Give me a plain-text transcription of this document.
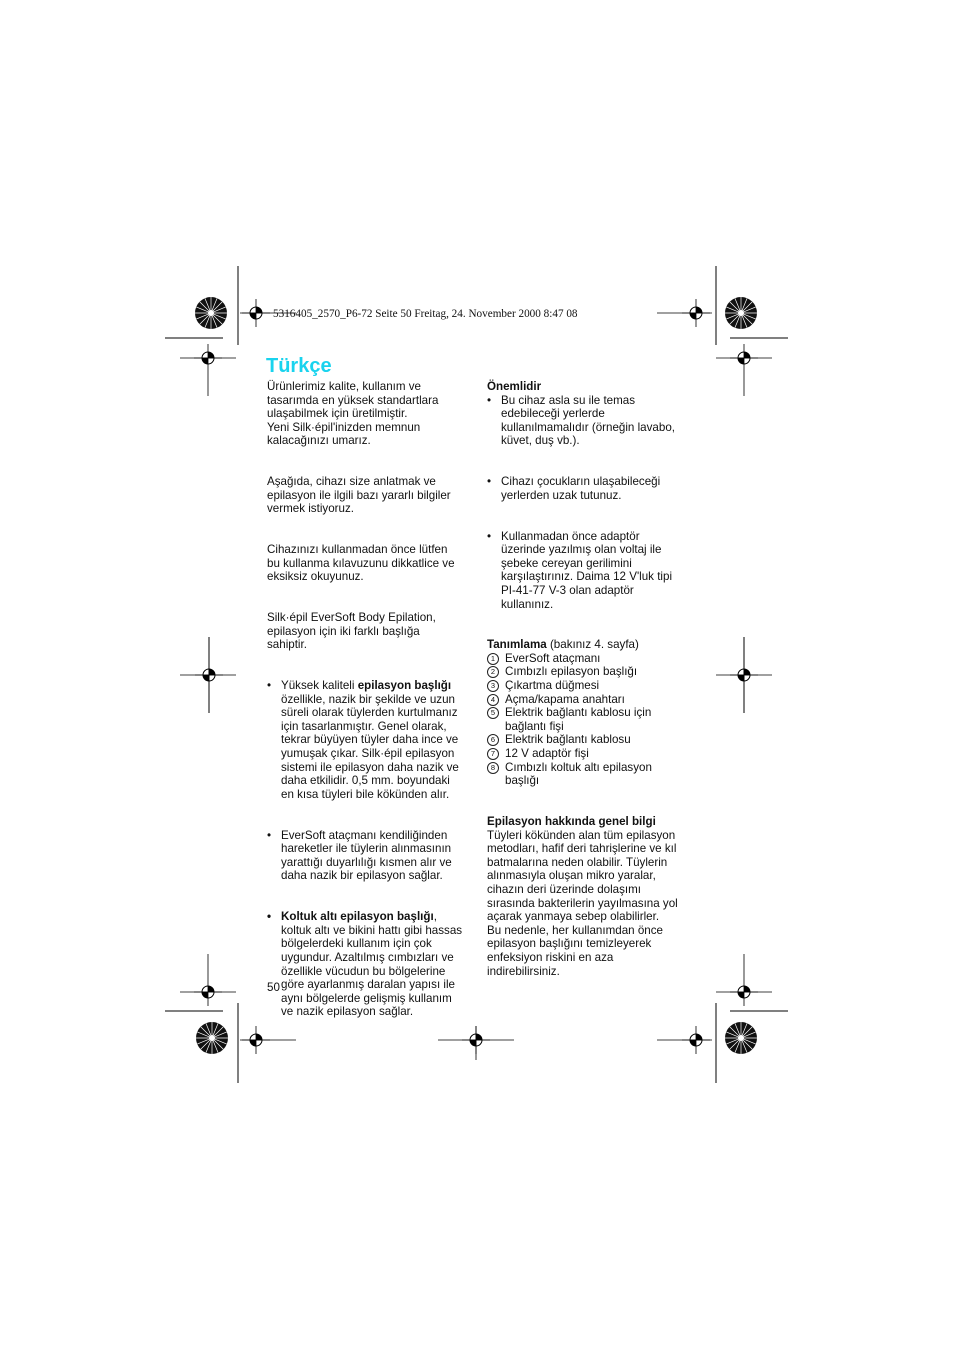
5316405_2570_P6-72 Seite 50 Freitag, 24. November 2000 8:47 08
Türkçe

Ürünlerimiz kalite, kullanım ve
tasarımda en yüksek standartlara
ulaşabilmek için üretilmiştir.
Yeni Silk·épil'inizden memnun
kalacağınızı umarız.

Aşağıda, cihazı size anlatmak ve
epilasyon ile ilgili bazı yararlı bilgiler
vermek istiyoruz.

Cihazınızı kullanmadan önce lütfen
bu kullanma kılavuzunu dikkatlice ve
eksiksiz okuyunuz.

Silk·épil EverSoft Body Epilation,
epilasyon için iki farklı başlığa
sahiptir.

• Yüksek kaliteli epilasyon başlığı
özellikle, nazik bir şekilde ve uzun
süreli olarak tüylerden kurtulmanız
için tasarlanmıştır. Genel olarak,
tekrar büyüyen tüyler daha ince ve
yumuşak çıkar. Silk·épil epilasyon
sistemi ile epilasyon daha nazik ve
daha etkilidir. 0,5 mm. boyundaki
en kısa tüyleri bile kökünden alır.
• EverSoft ataçmanı kendiliğinden
hareketler ile tüylerin alınmasının
yarattığı duyarlılığı kısmen alır ve
daha nazik bir epilasyon sağlar.
• Koltuk altı epilasyon başlığı,
koltuk altı ve bikini hattı gibi hassas
bölgelerdeki kullanım için çok
uygundur. Azaltılmış cımbızları ve
özellikle vücudun bu bölgelerine
göre ayarlanmış daralan yapısı ile
aynı bölgelerde gelişmiş kullanım
ve nazik epilasyon sağlar.
Önemlidir
• Bu cihaz asla su ile temas
edebileceği yerlerde
kullanılmamalıdır (örneğin lavabo,
küvet, duş vb.).
• Cihazı çocukların ulaşabileceği
yerlerden uzak tutunuz.
• Kullanmadan önce adaptör
üzerinde yazılmış olan voltaj ile
şebeke cereyan gerilimini
karşılaştırınız. Daima 12 V'luk tipi
PI-41-77 V-3 olan adaptör
kullanınız.
Tanımlama (bakınız 4. sayfa)
1 EverSoft ataçmanı
2 Cımbızlı epilasyon başlığı
3 Çıkartma düğmesi
4 Açma/kapama anahtarı
5 Elektrik bağlantı kablosu için
bağlantı fişi
6 Elektrik bağlantı kablosu
7 12 V adaptör fişi
8 Cımbızlı koltuk altı epilasyon
başlığı
Epilasyon hakkında genel bilgi

Tüyleri kökünden alan tüm epilasyon
metodları, hafif deri tahrişlerine ve kıl
batmalarına neden olabilir. Tüylerin
alınmasıyla oluşan mikro yaralar,
cihazın deri üzerinde dolaşımı
sırasında bakterilerin yayılmasına yol
açarak yanmaya sebep olabilirler.
Bu nedenle, her kullanımdan önce
epilasyon başlığını temizleyerek
enfeksiyon riskini en aza
indirebilirsiniz.

50
